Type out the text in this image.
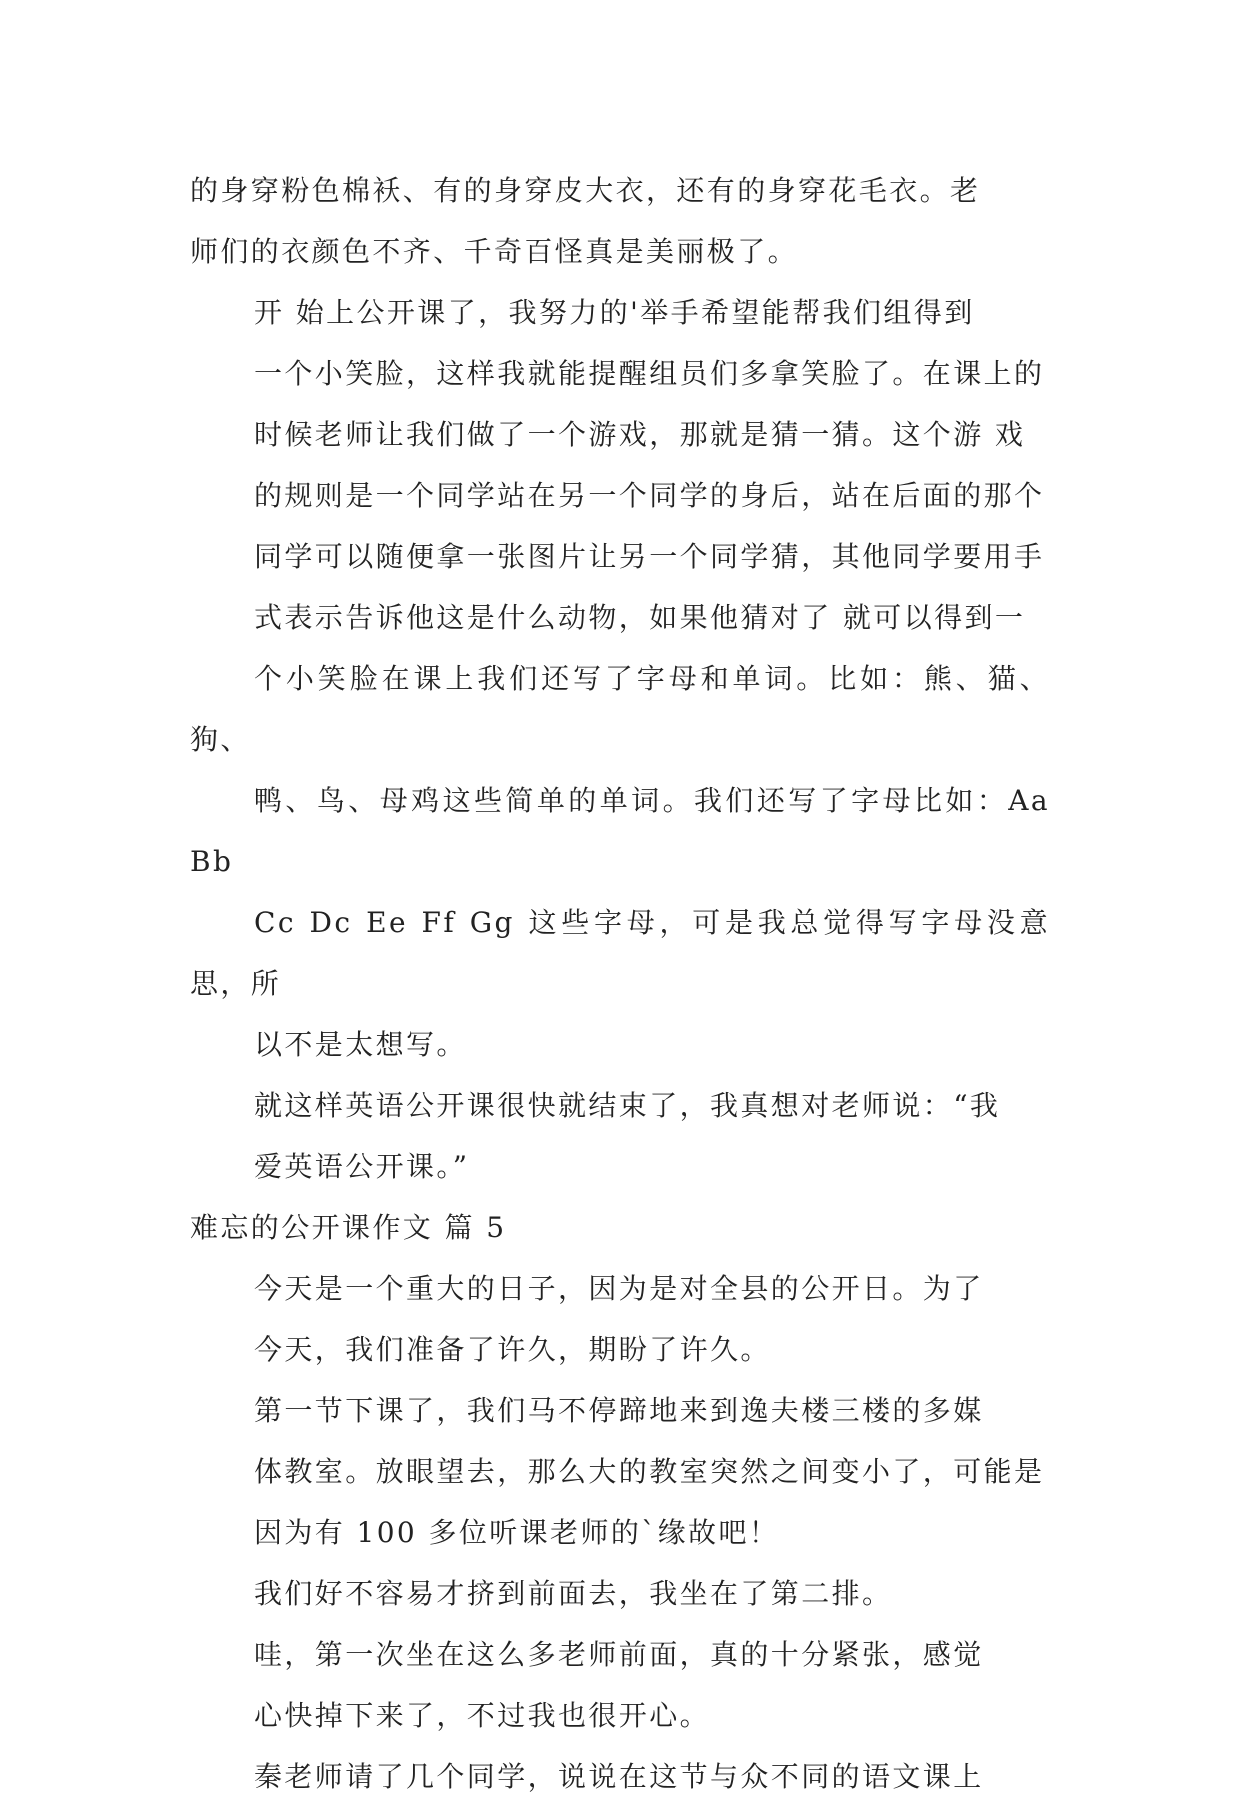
的身穿粉色棉袄、有的身穿皮大衣，还有的身穿花毛衣。老
师们的衣颜色不齐、千奇百怪真是美丽极了。

开 始上公开课了，我努力的'举手希望能帮我们组得到
一个小笑脸，这样我就能提醒组员们多拿笑脸了。在课上的
时候老师让我们做了一个游戏，那就是猜一猜。这个游 戏
的规则是一个同学站在另一个同学的身后，站在后面的那个
同学可以随便拿一张图片让另一个同学猜，其他同学要用手
式表示告诉他这是什么动物，如果他猜对了 就可以得到一
个小笑脸在课上我们还写了字母和单词。比如：熊、猫、狗、
鸭、鸟、母鸡这些简单的单词。我们还写了字母比如：Aa Bb
Cc Dc Ee Ff Gg 这些字母，可是我总觉得写字母没意思，所
以不是太想写。

就这样英语公开课很快就结束了，我真想对老师说：“我
爱英语公开课。”

难忘的公开课作文 篇 5

今天是一个重大的日子，因为是对全县的公开日。为了
今天，我们准备了许久，期盼了许久。

第一节下课了，我们马不停蹄地来到逸夫楼三楼的多媒
体教室。放眼望去，那么大的教室突然之间变小了，可能是
因为有 100 多位听课老师的`缘故吧！

我们好不容易才挤到前面去，我坐在了第二排。

哇，第一次坐在这么多老师前面，真的十分紧张，感觉
心快掉下来了，不过我也很开心。

秦老师请了几个同学，说说在这节与众不同的语文课上
